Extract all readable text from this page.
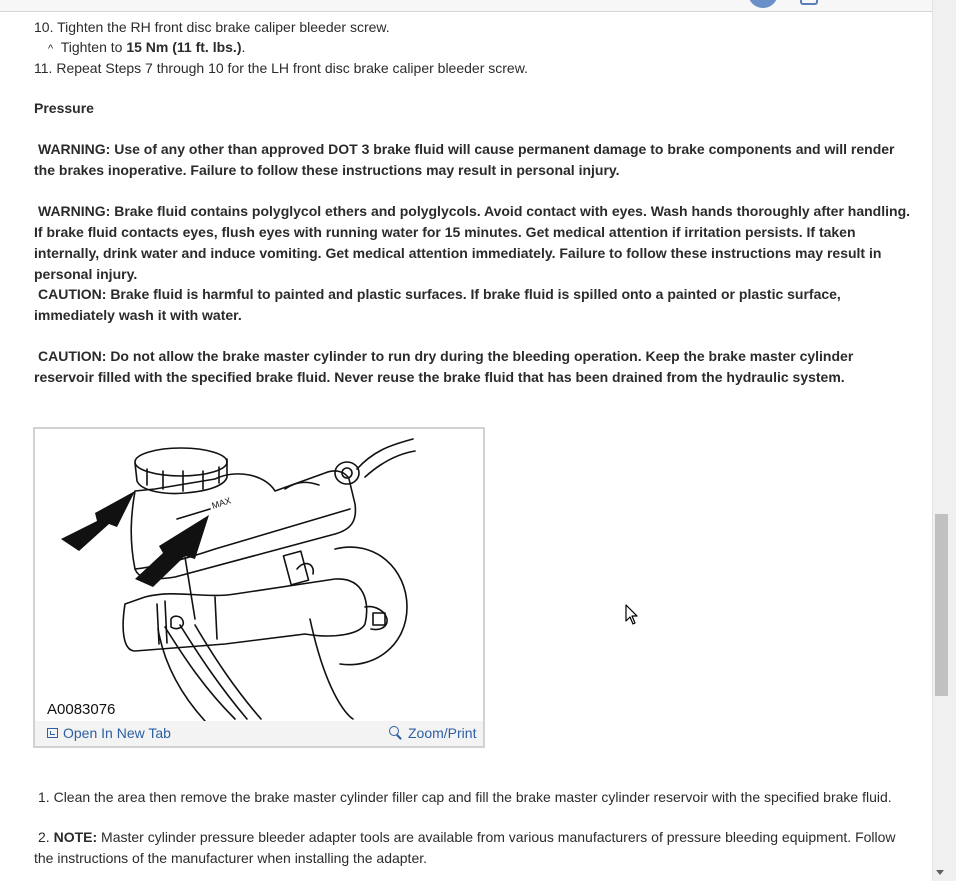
10. Tighten the RH front disc brake caliper bleeder screw.
^ Tighten to 15 Nm (11 ft. lbs.).
11. Repeat Steps 7 through 10 for the LH front disc brake caliper bleeder screw.
Pressure
WARNING: Use of any other than approved DOT 3 brake fluid will cause permanent damage to brake components and will render the brakes inoperative. Failure to follow these instructions may result in personal injury.
WARNING: Brake fluid contains polyglycol ethers and polyglycols. Avoid contact with eyes. Wash hands thoroughly after handling. If brake fluid contacts eyes, flush eyes with running water for 15 minutes. Get medical attention if irritation persists. If taken internally, drink water and induce vomiting. Get medical attention immediately. Failure to follow these instructions may result in personal injury.
CAUTION: Brake fluid is harmful to painted and plastic surfaces. If brake fluid is spilled onto a painted or plastic surface, immediately wash it with water.
CAUTION: Do not allow the brake master cylinder to run dry during the bleeding operation. Keep the brake master cylinder reservoir filled with the specified brake fluid. Never reuse the brake fluid that has been drained from the hydraulic system.
MAX
A0083076
Open In New Tab	Zoom/Print
1. Clean the area then remove the brake master cylinder filler cap and fill the brake master cylinder reservoir with the specified brake fluid.
2. NOTE: Master cylinder pressure bleeder adapter tools are available from various manufacturers of pressure bleeding equipment. Follow the instructions of the manufacturer when installing the adapter.
